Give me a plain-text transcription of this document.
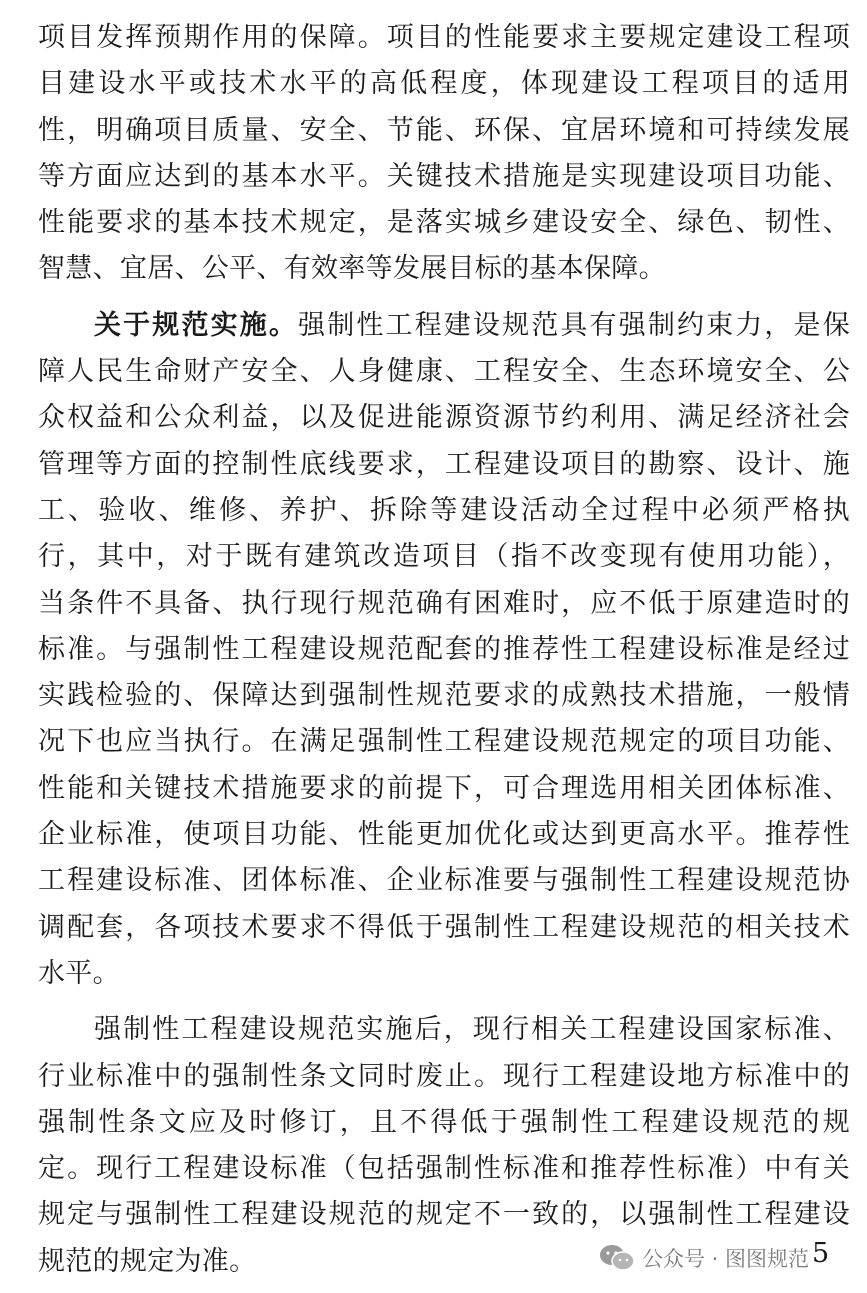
项目发挥预期作用的保障。项目的性能要求主要规定建设工程项
目建设水平或技术水平的高低程度，体现建设工程项目的适用
性，明确项目质量、安全、节能、环保、宜居环境和可持续发展
等方面应达到的基本水平。关键技术措施是实现建设项目功能、
性能要求的基本技术规定，是落实城乡建设安全、绿色、韧性、
智慧、宜居、公平、有效率等发展目标的基本保障。
关于规范实施。强制性工程建设规范具有强制约束力，是保
障人民生命财产安全、人身健康、工程安全、生态环境安全、公
众权益和公众利益，以及促进能源资源节约利用、满足经济社会
管理等方面的控制性底线要求，工程建设项目的勘察、设计、施
工、验收、维修、养护、拆除等建设活动全过程中必须严格执
行，其中，对于既有建筑改造项目（指不改变现有使用功能），
当条件不具备、执行现行规范确有困难时，应不低于原建造时的
标准。与强制性工程建设规范配套的推荐性工程建设标准是经过
实践检验的、保障达到强制性规范要求的成熟技术措施，一般情
况下也应当执行。在满足强制性工程建设规范规定的项目功能、
性能和关键技术措施要求的前提下，可合理选用相关团体标准、
企业标准，使项目功能、性能更加优化或达到更高水平。推荐性
工程建设标准、团体标准、企业标准要与强制性工程建设规范协
调配套，各项技术要求不得低于强制性工程建设规范的相关技术
水平。
强制性工程建设规范实施后，现行相关工程建设国家标准、
行业标准中的强制性条文同时废止。现行工程建设地方标准中的
强制性条文应及时修订，且不得低于强制性工程建设规范的规
定。现行工程建设标准（包括强制性标准和推荐性标准）中有关
规定与强制性工程建设规范的规定不一致的，以强制性工程建设
规范的规定为准。	公众号 · 图图规范 5
